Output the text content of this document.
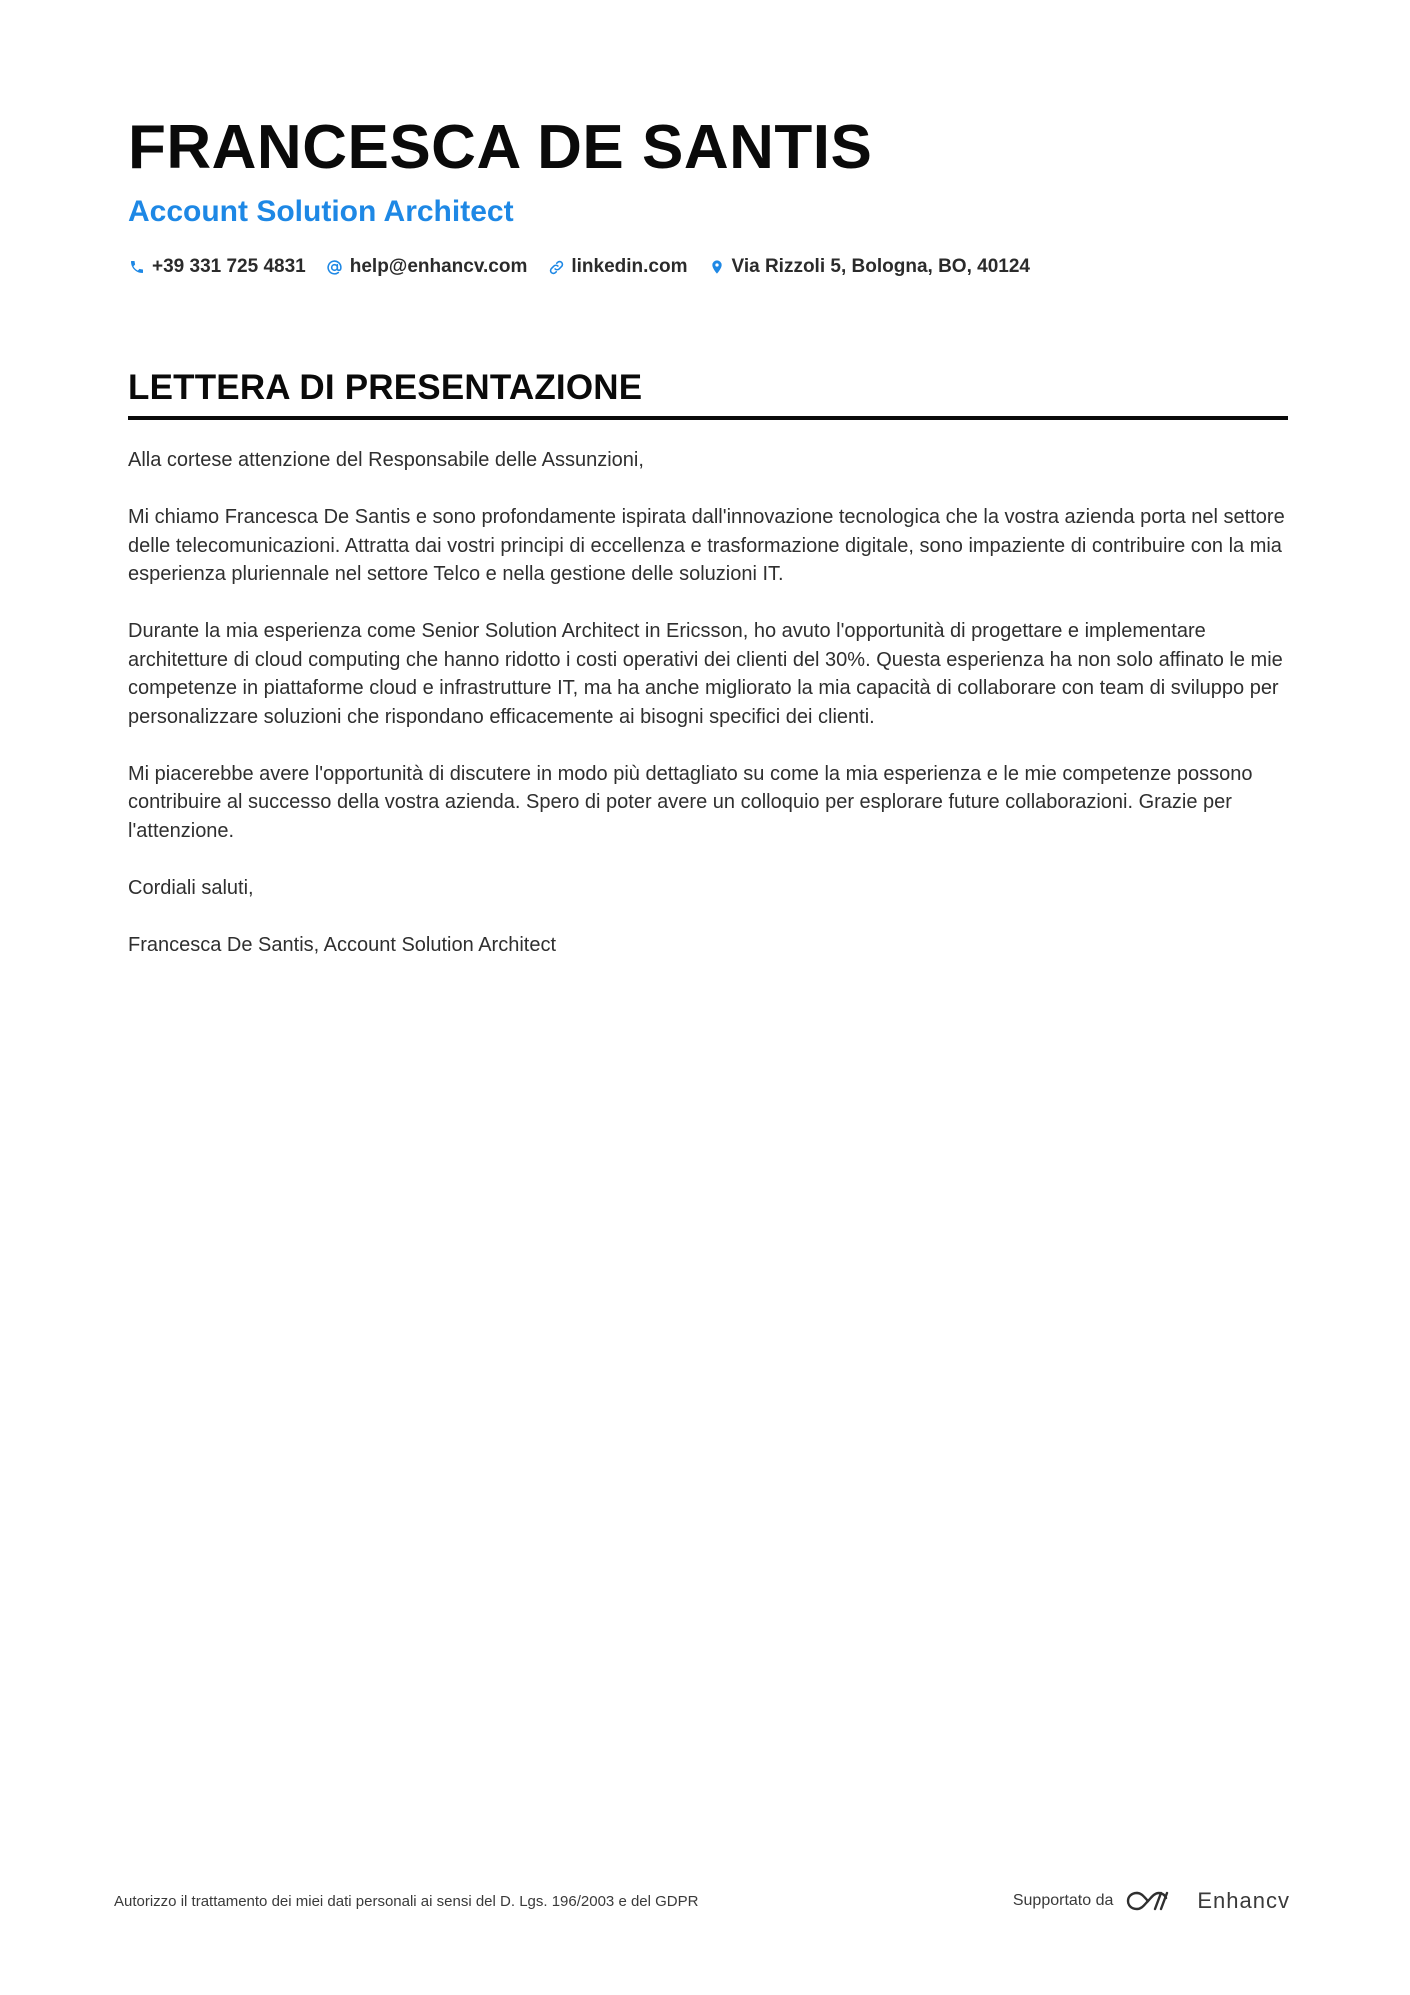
FRANCESCA DE SANTIS
Account Solution Architect
+39 331 725 4831 help@enhancv.com linkedin.com Via Rizzoli 5, Bologna, BO, 40124
LETTERA DI PRESENTAZIONE

Alla cortese attenzione del Responsabile delle Assunzioni,

Mi chiamo Francesca De Santis e sono profondamente ispirata dall'innovazione tecnologica che la vostra azienda porta nel settore delle telecomunicazioni. Attratta dai vostri principi di eccellenza e trasformazione digitale, sono impaziente di contribuire con la mia esperienza pluriennale nel settore Telco e nella gestione delle soluzioni IT.

Durante la mia esperienza come Senior Solution Architect in Ericsson, ho avuto l'opportunità di progettare e implementare architetture di cloud computing che hanno ridotto i costi operativi dei clienti del 30%. Questa esperienza ha non solo affinato le mie competenze in piattaforme cloud e infrastrutture IT, ma ha anche migliorato la mia capacità di collaborare con team di sviluppo per personalizzare soluzioni che rispondano efficacemente ai bisogni specifici dei clienti.

Mi piacerebbe avere l'opportunità di discutere in modo più dettagliato su come la mia esperienza e le mie competenze possono contribuire al successo della vostra azienda. Spero di poter avere un colloquio per esplorare future collaborazioni. Grazie per l'attenzione.

Cordiali saluti,

Francesca De Santis, Account Solution Architect

Autorizzo il trattamento dei miei dati personali ai sensi del D. Lgs. 196/2003 e del GDPR	Supportato da	Enhancv
